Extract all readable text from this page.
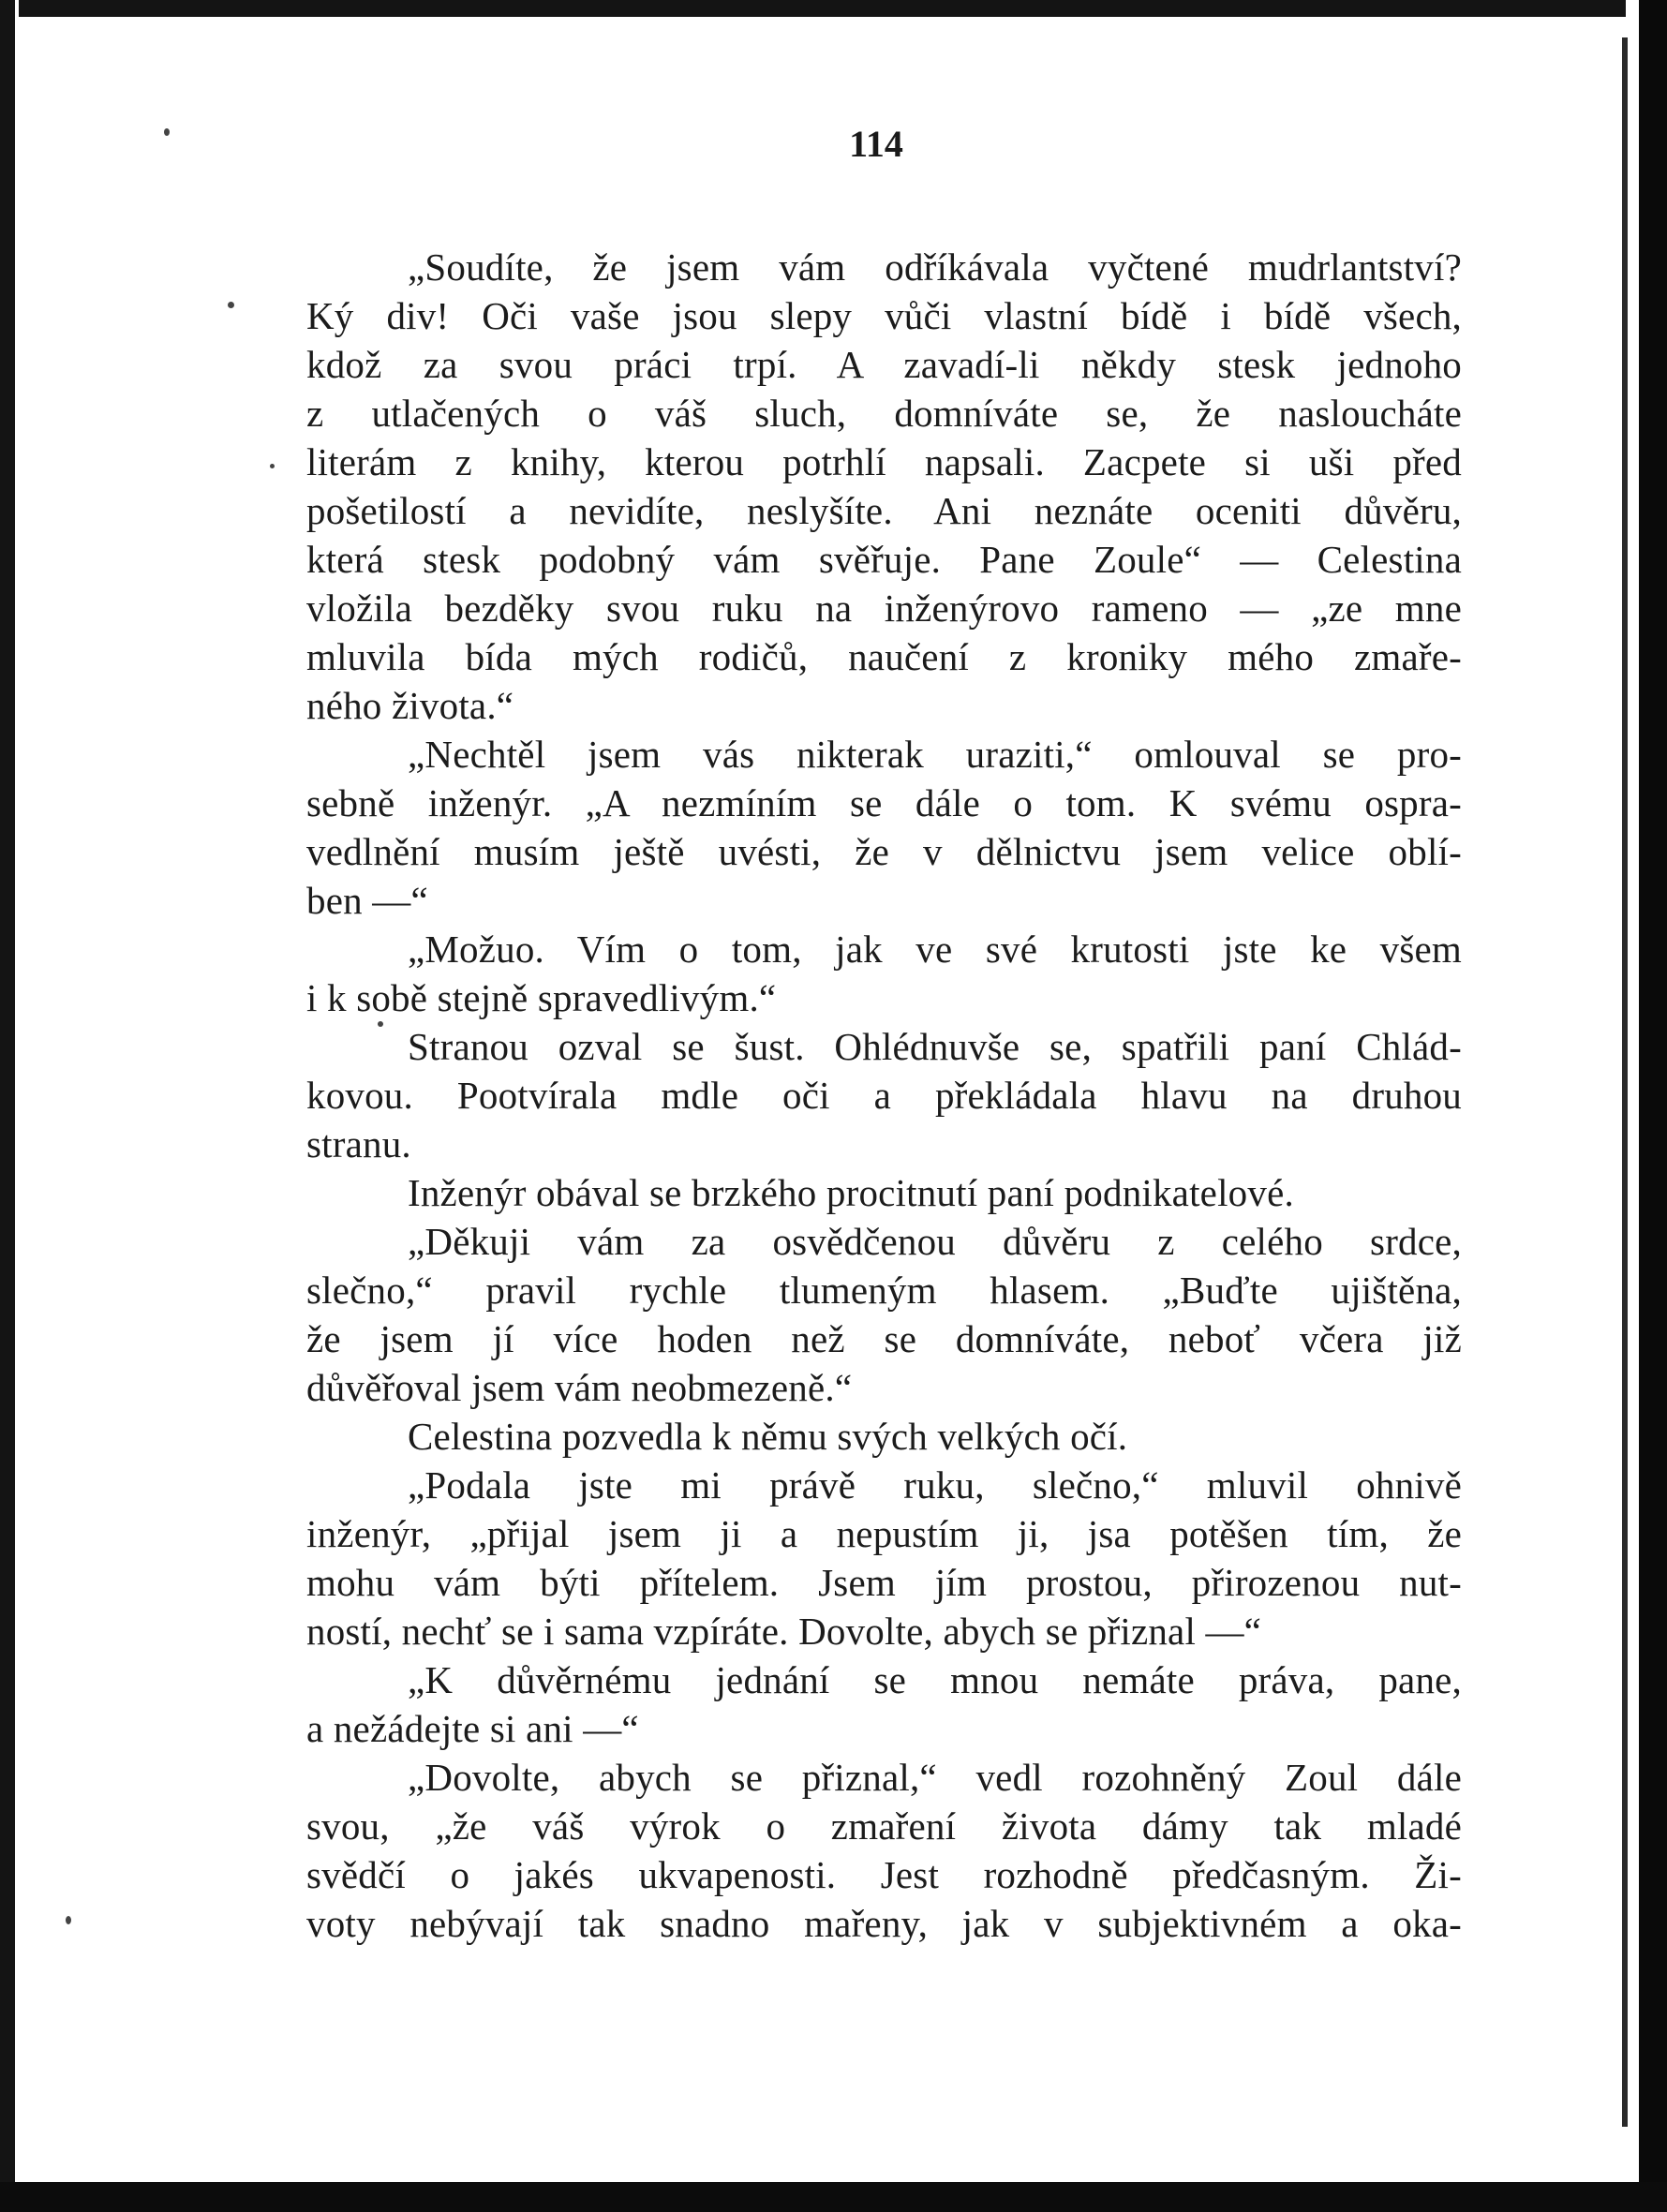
114
„Soudíte, že jsem vám odříkávala vyčtené mudrlantství?
Ký div! Oči vaše jsou slepy vůči vlastní bídě i bídě všech,
kdož za svou práci trpí. A zavadí-li někdy stesk jednoho
z utlačených o váš sluch, domníváte se, že nasloucháte
literám z knihy, kterou potrhlí napsali. Zacpete si uši před
pošetilostí a nevidíte, neslyšíte. Ani neznáte oceniti důvěru,
která stesk podobný vám svěřuje. Pane Zoule“ — Celestina
vložila bezděky svou ruku na inženýrovo rameno — „ze mne
mluvila bída mých rodičů, naučení z kroniky mého zmaře-
ného života.“
„Nechtěl jsem vás nikterak uraziti,“ omlouval se pro-
sebně inženýr. „A nezmíním se dále o tom. K svému ospra-
vedlnění musím ještě uvésti, že v dělnictvu jsem velice oblí-
ben —“
„Možuo. Vím o tom, jak ve své krutosti jste ke všem
i k sobě stejně spravedlivým.“
Stranou ozval se šust. Ohlédnuvše se, spatřili paní Chlád-
kovou. Pootvírala mdle oči a překládala hlavu na druhou
stranu.
Inženýr obával se brzkého procitnutí paní podnikatelové.
„Děkuji vám za osvědčenou důvěru z celého srdce,
slečno,“ pravil rychle tlumeným hlasem. „Buďte ujištěna,
že jsem jí více hoden než se domníváte, neboť včera již
důvěřoval jsem vám neobmezeně.“
Celestina pozvedla k němu svých velkých očí.
„Podala jste mi právě ruku, slečno,“ mluvil ohnivě
inženýr, „přijal jsem ji a nepustím ji, jsa potěšen tím, že
mohu vám býti přítelem. Jsem jím prostou, přirozenou nut-
ností, nechť se i sama vzpíráte. Dovolte, abych se přiznal —“
„K důvěrnému jednání se mnou nemáte práva, pane,
a nežádejte si ani —“
„Dovolte, abych se přiznal,“ vedl rozohněný Zoul dále
svou, „že váš výrok o zmaření života dámy tak mladé
svědčí o jakés ukvapenosti. Jest rozhodně předčasným. Ži-
voty nebývají tak snadno mařeny, jak v subjektivném a oka-
